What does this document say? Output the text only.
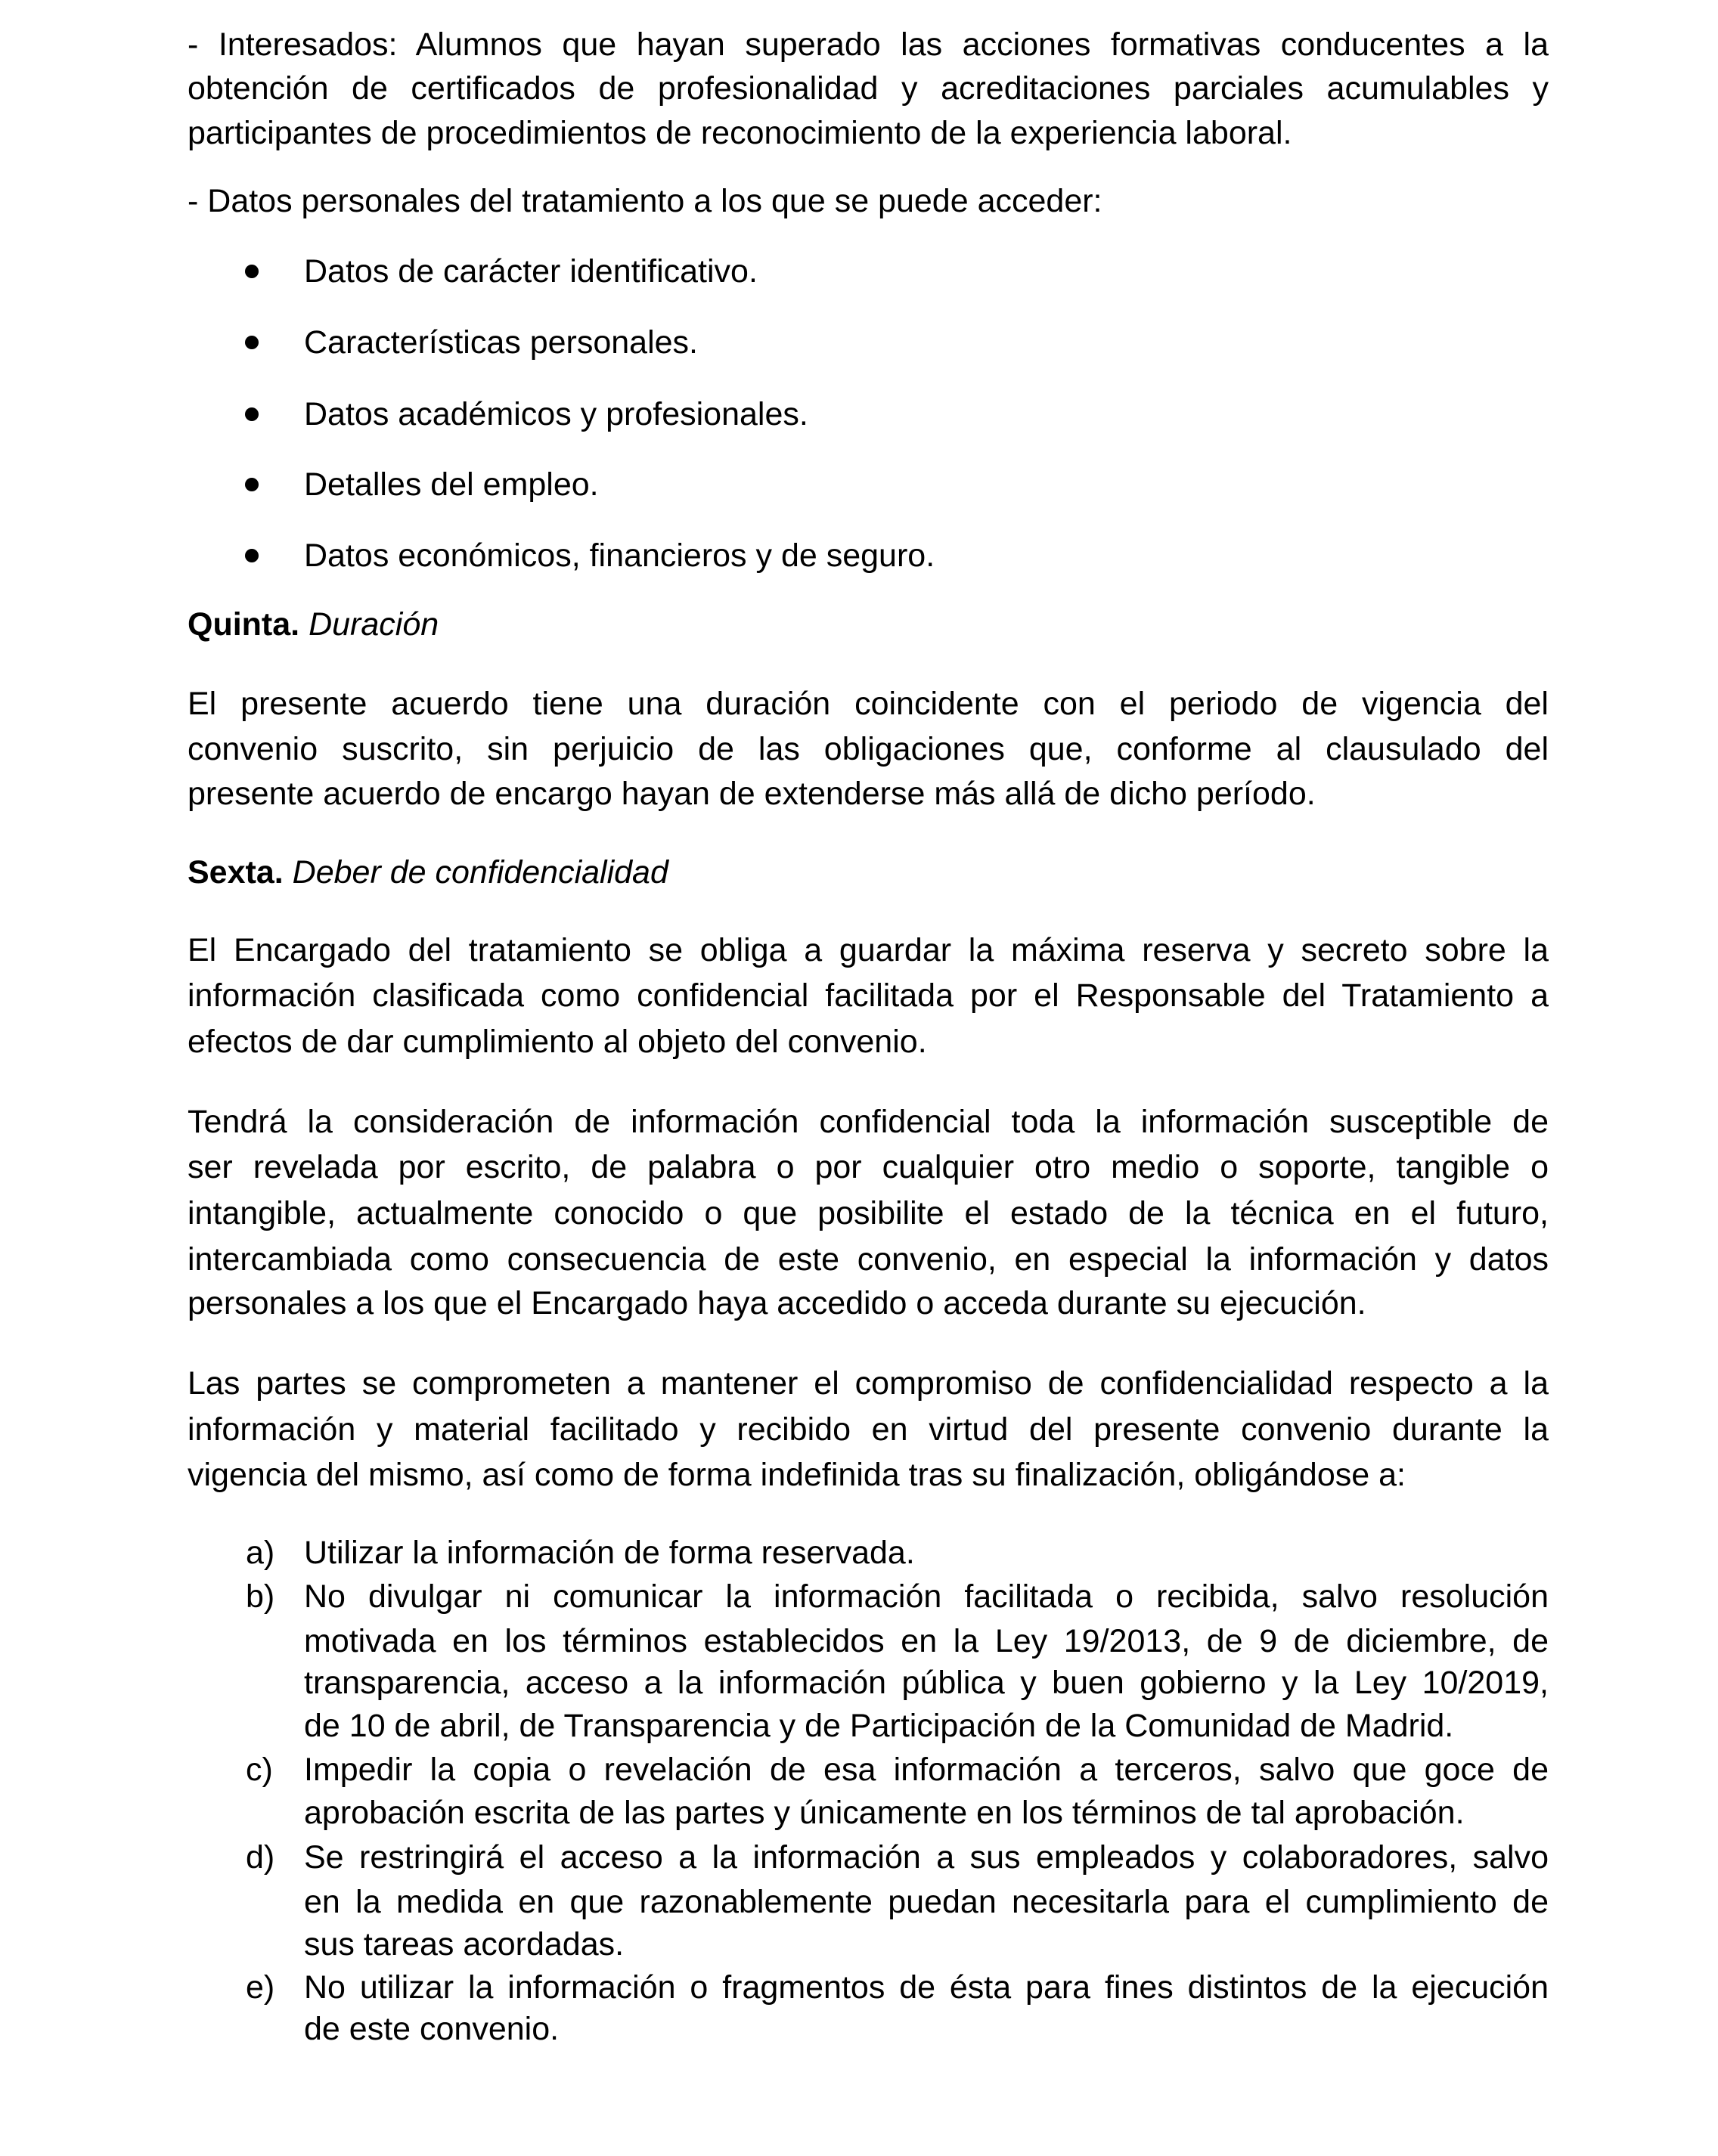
- Interesados: Alumnos que hayan superado las acciones formativas conducentes a la
obtención de certificados de profesionalidad y acreditaciones parciales acumulables y
participantes de procedimientos de reconocimiento de la experiencia laboral.
- Datos personales del tratamiento a los que se puede acceder:
Datos de carácter identificativo.
Características personales.
Datos académicos y profesionales.
Detalles del empleo.
Datos económicos, financieros y de seguro.
Quinta. Duración
El presente acuerdo tiene una duración coincidente con el periodo de vigencia del
convenio suscrito, sin perjuicio de las obligaciones que, conforme al clausulado del
presente acuerdo de encargo hayan de extenderse más allá de dicho período.
Sexta. Deber de confidencialidad
El Encargado del tratamiento se obliga a guardar la máxima reserva y secreto sobre la
información clasificada como confidencial facilitada por el Responsable del Tratamiento a
efectos de dar cumplimiento al objeto del convenio.
Tendrá la consideración de información confidencial toda la información susceptible de
ser revelada por escrito, de palabra o por cualquier otro medio o soporte, tangible o
intangible, actualmente conocido o que posibilite el estado de la técnica en el futuro,
intercambiada como consecuencia de este convenio, en especial la información y datos
personales a los que el Encargado haya accedido o acceda durante su ejecución.
Las partes se comprometen a mantener el compromiso de confidencialidad respecto a la
información y material facilitado y recibido en virtud del presente convenio durante la
vigencia del mismo, así como de forma indefinida tras su finalización, obligándose a:
a) Utilizar la información de forma reservada.
b) No divulgar ni comunicar la información facilitada o recibida, salvo resolución
motivada en los términos establecidos en la Ley 19/2013, de 9 de diciembre, de
transparencia, acceso a la información pública y buen gobierno y la Ley 10/2019,
de 10 de abril, de Transparencia y de Participación de la Comunidad de Madrid.
c) Impedir la copia o revelación de esa información a terceros, salvo que goce de
aprobación escrita de las partes y únicamente en los términos de tal aprobación.
d) Se restringirá el acceso a la información a sus empleados y colaboradores, salvo
en la medida en que razonablemente puedan necesitarla para el cumplimiento de
sus tareas acordadas.
e) No utilizar la información o fragmentos de ésta para fines distintos de la ejecución
de este convenio.
